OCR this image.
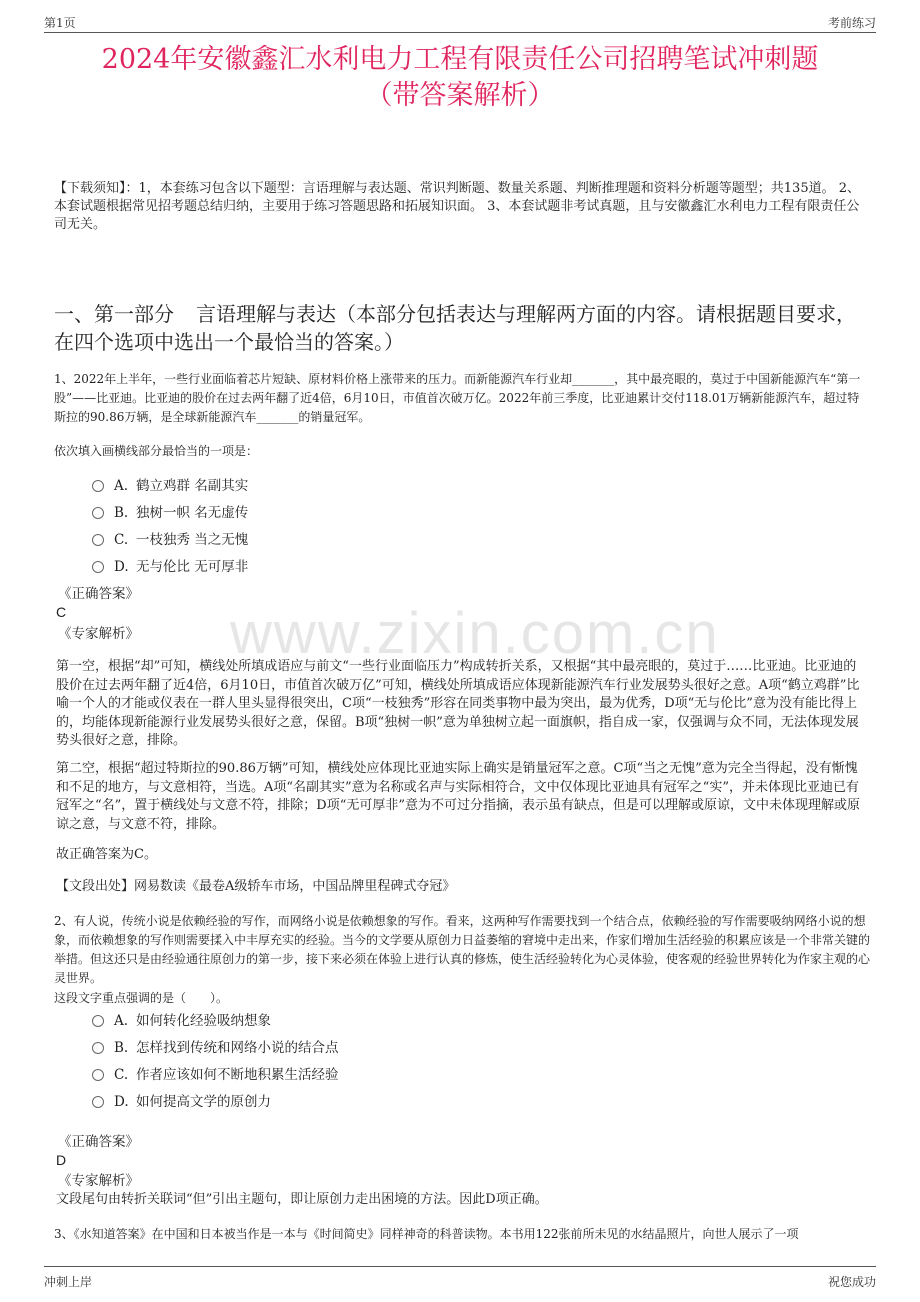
第1页	考前练习
www.zixin.com.cn
2024年安徽鑫汇水利电力工程有限责任公司招聘笔试冲刺题
（带答案解析）
【下载须知】：1，本套练习包含以下题型：言语理解与表达题、常识判断题、数量关系题、判断推理题和资料分析题等题型；共135道。 2、本套试题根据常见招考题总结归纳，主要用于练习答题思路和拓展知识面。 3、本套试题非考试真题，且与安徽鑫汇水利电力工程有限责任公司无关。
一、第一部分 言语理解与表达（本部分包括表达与理解两方面的内容。请根据题目要求，在四个选项中选出一个最恰当的答案。）
1、2022年上半年，一些行业面临着芯片短缺、原材料价格上涨带来的压力。而新能源汽车行业却_______，其中最亮眼的，莫过于中国新能源汽车“第一股”——比亚迪。比亚迪的股价在过去两年翻了近4倍，6月10日，市值首次破万亿。2022年前三季度，比亚迪累计交付118.01万辆新能源汽车，超过特斯拉的90.86万辆，是全球新能源汽车_______的销量冠军。
依次填入画横线部分最恰当的一项是：
A. 鹤立鸡群 名副其实
B. 独树一帜 名无虚传
C. 一枝独秀 当之无愧
D. 无与伦比 无可厚非
《正确答案》
C
《专家解析》
第一空，根据“却”可知，横线处所填成语应与前文“一些行业面临压力”构成转折关系，又根据“其中最亮眼的，莫过于……比亚迪。比亚迪的股价在过去两年翻了近4倍，6月10日，市值首次破万亿”可知，横线处所填成语应体现新能源汽车行业发展势头很好之意。A项“鹤立鸡群”比喻一个人的才能或仪表在一群人里头显得很突出，C项“一枝独秀”形容在同类事物中最为突出，最为优秀，D项“无与伦比”意为没有能比得上的，均能体现新能源行业发展势头很好之意，保留。B项“独树一帜”意为单独树立起一面旗帜，指自成一家，仅强调与众不同，无法体现发展势头很好之意，排除。
第二空，根据“超过特斯拉的90.86万辆”可知，横线处应体现比亚迪实际上确实是销量冠军之意。C项“当之无愧”意为完全当得起，没有惭愧和不足的地方，与文意相符，当选。A项“名副其实”意为名称或名声与实际相符合，文中仅体现比亚迪具有冠军之“实”，并未体现比亚迪已有冠军之“名”，置于横线处与文意不符，排除；D项“无可厚非”意为不可过分指摘，表示虽有缺点，但是可以理解或原谅，文中未体现理解或原谅之意，与文意不符，排除。
故正确答案为C。
【文段出处】网易数读《最卷A级轿车市场，中国品牌里程碑式夺冠》
2、有人说，传统小说是依赖经验的写作，而网络小说是依赖想象的写作。看来，这两种写作需要找到一个结合点，依赖经验的写作需要吸纳网络小说的想象，而依赖想象的写作则需要揉入中丰厚充实的经验。当今的文学要从原创力日益萎缩的窘境中走出来，作家们增加生活经验的积累应该是一个非常关键的举措。但这还只是由经验通往原创力的第一步，接下来必须在体验上进行认真的修炼，使生活经验转化为心灵体验，使客观的经验世界转化为作家主观的心灵世界。
这段文字重点强调的是（　　）。
A. 如何转化经验吸纳想象
B. 怎样找到传统和网络小说的结合点
C. 作者应该如何不断地积累生活经验
D. 如何提高文学的原创力
《正确答案》
D
《专家解析》
文段尾句由转折关联词“但”引出主题句，即让原创力走出困境的方法。因此D项正确。
3、《水知道答案》在中国和日本被当作是一本与《时间简史》同样神奇的科普读物。本书用122张前所未见的水结晶照片，向世人展示了一项
冲刺上岸	祝您成功
